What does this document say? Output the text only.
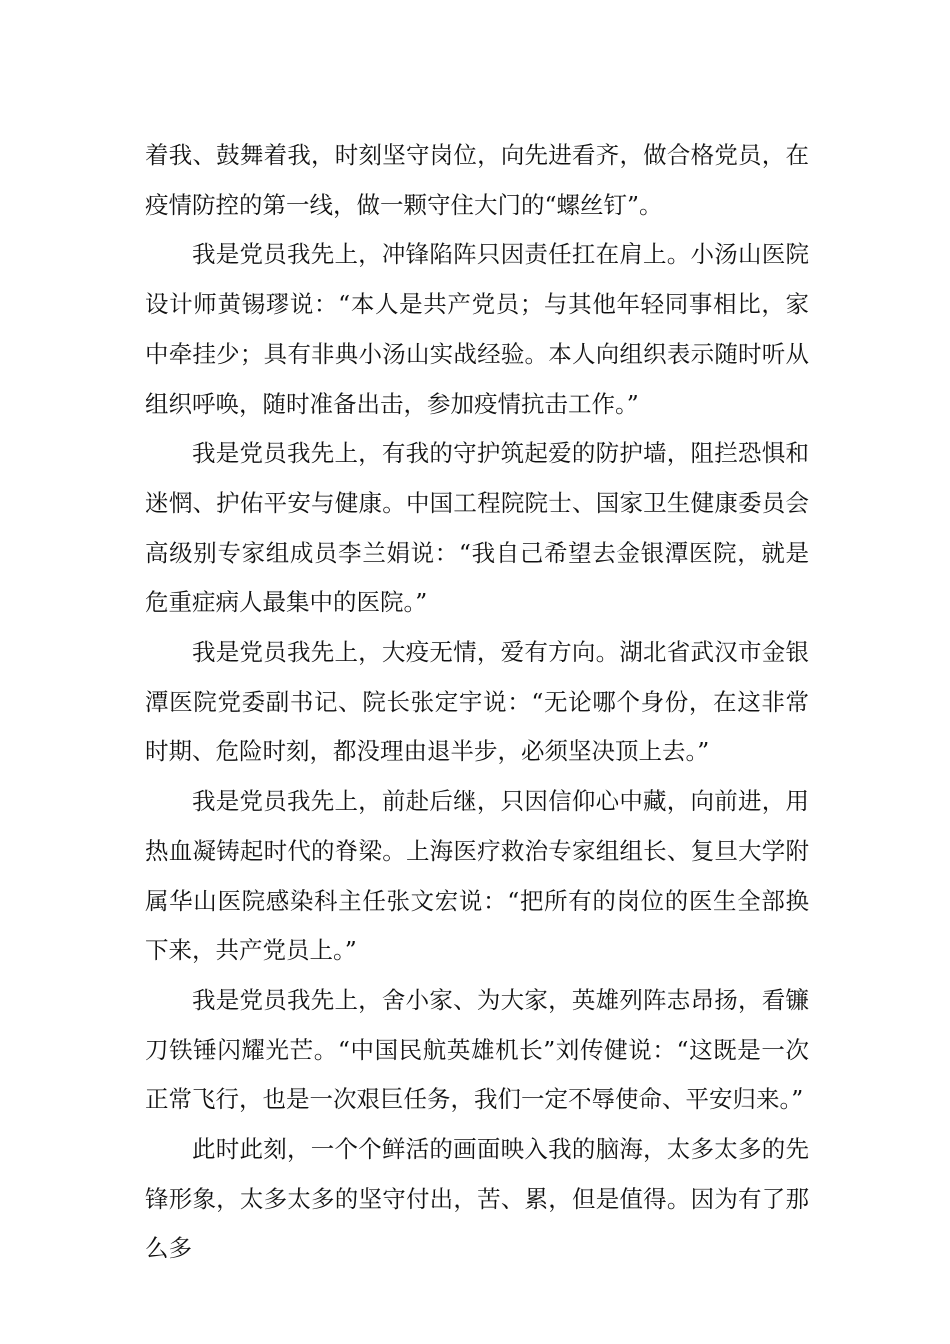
着我、鼓舞着我，时刻坚守岗位，向先进看齐，做合格党员，在疫情防控的第一线，做一颗守住大门的“螺丝钉”。

我是党员我先上，冲锋陷阵只因责任扛在肩上。小汤山医院设计师黄锡璆说：“本人是共产党员；与其他年轻同事相比，家中牵挂少；具有非典小汤山实战经验。本人向组织表示随时听从组织呼唤，随时准备出击，参加疫情抗击工作。”

我是党员我先上，有我的守护筑起爱的防护墙，阻拦恐惧和迷惘、护佑平安与健康。中国工程院院士、国家卫生健康委员会高级别专家组成员李兰娟说：“我自己希望去金银潭医院，就是危重症病人最集中的医院。”

我是党员我先上，大疫无情，爱有方向。湖北省武汉市金银潭医院党委副书记、院长张定宇说：“无论哪个身份，在这非常时期、危险时刻，都没理由退半步，必须坚决顶上去。”

我是党员我先上，前赴后继，只因信仰心中藏，向前进，用热血凝铸起时代的脊梁。上海医疗救治专家组组长、复旦大学附属华山医院感染科主任张文宏说：“把所有的岗位的医生全部换下来，共产党员上。”

我是党员我先上，舍小家、为大家，英雄列阵志昂扬，看镰刀铁锤闪耀光芒。“中国民航英雄机长”刘传健说：“这既是一次正常飞行，也是一次艰巨任务，我们一定不辱使命、平安归来。”

此时此刻，一个个鲜活的画面映入我的脑海，太多太多的先锋形象，太多太多的坚守付出，苦、累，但是值得。因为有了那么多
